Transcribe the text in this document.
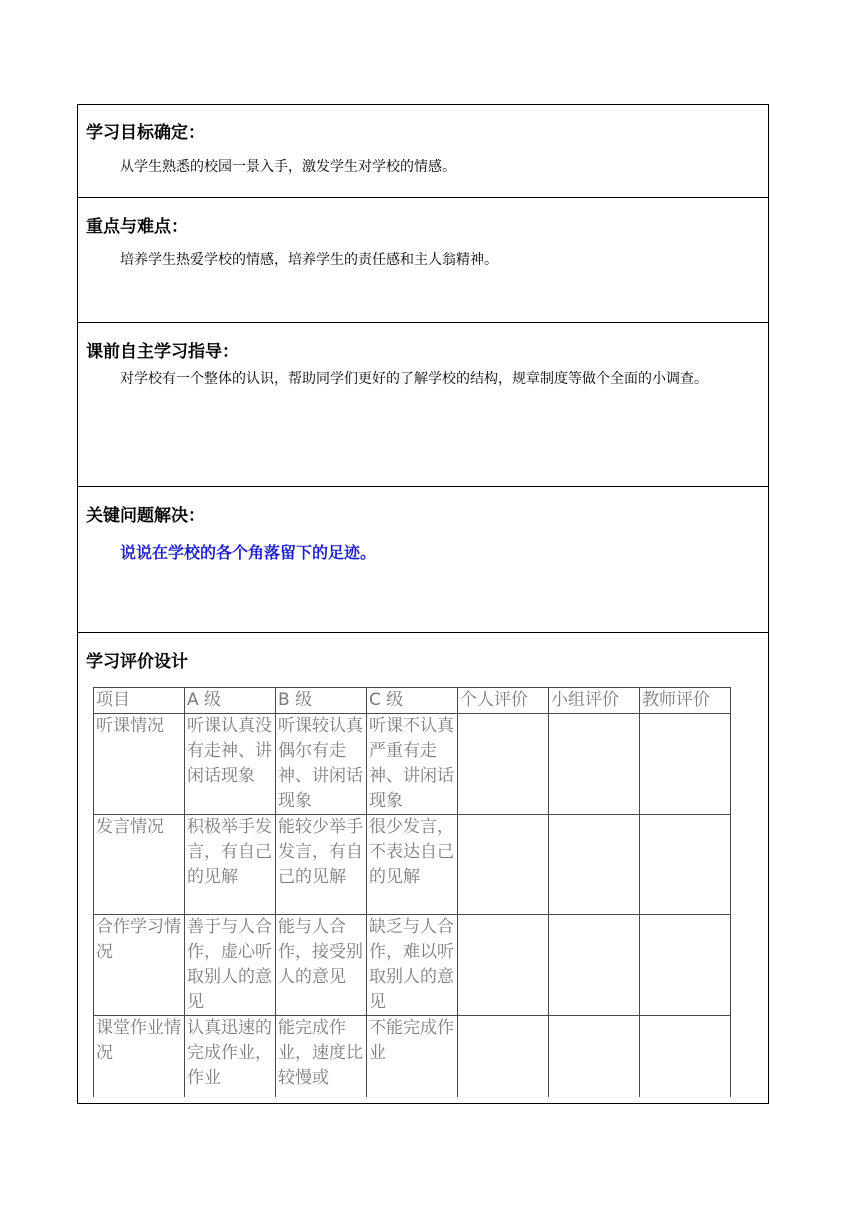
学习目标确定：
从学生熟悉的校园一景入手，激发学生对学校的情感。
重点与难点：
培养学生热爱学校的情感，培养学生的责任感和主人翁精神。
课前自主学习指导：
对学校有一个整体的认识，帮助同学们更好的了解学校的结构，规章制度等做个全面的小调查。
关键问题解决：
说说在学校的各个角落留下的足迹。
学习评价设计
项目	A 级	B 级	C 级	个人评价	小组评价	教师评价
听课情况	听课认真没有走神、讲闲话现象	听课较认真偶尔有走神、讲闲话现象	听课不认真严重有走神、讲闲话现象			
发言情况	积极举手发言，有自己的见解	能较少举手发言，有自己的见解	很少发言，不表达自己的见解			
合作学习情况	善于与人合作，虚心听取别人的意见	能与人合作，接受别人的意见	缺乏与人合作，难以听取别人的意见			
课堂作业情况	认真迅速的完成作业，作业	能完成作业，速度比较慢或	不能完成作业			
